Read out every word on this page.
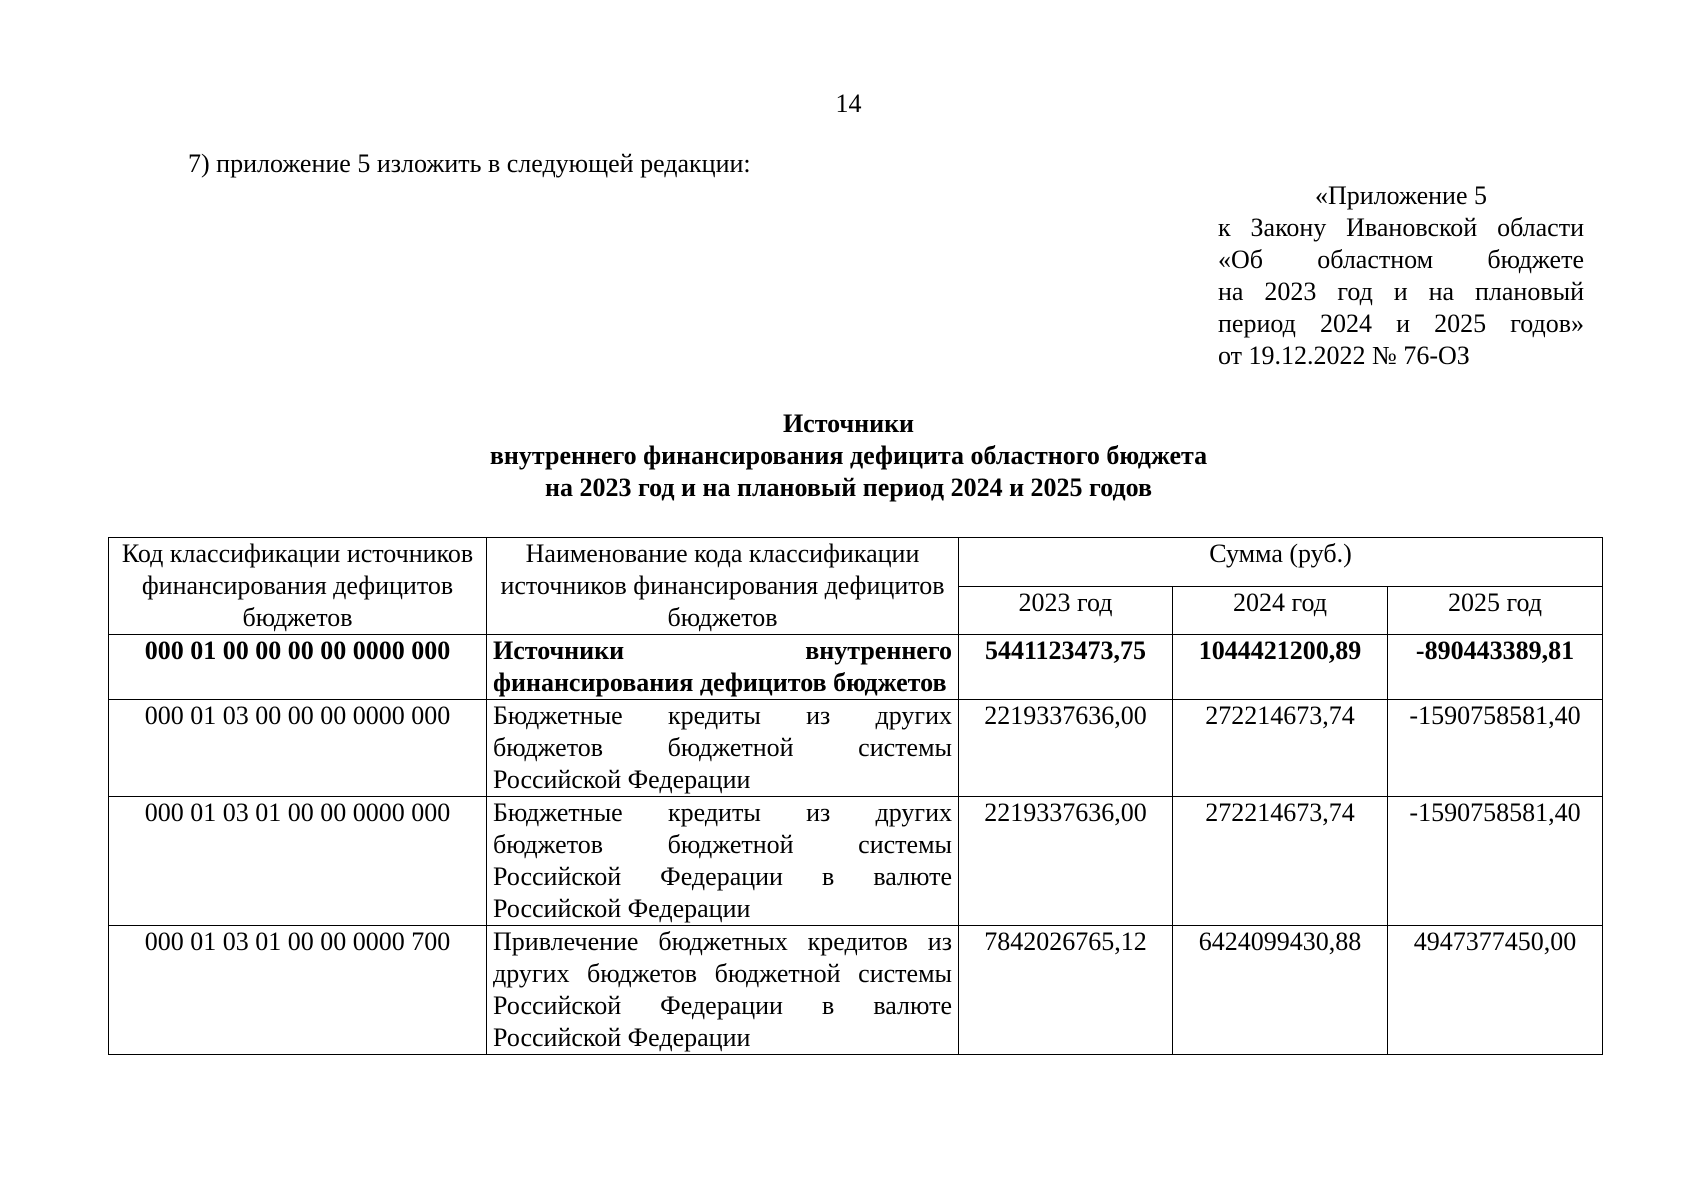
14
7) приложение 5 изложить в следующей редакции:
«Приложение 5
к Закону Ивановской области
«Об областном бюджете
на 2023 год и на плановый
период 2024 и 2025 годов»
от 19.12.2022 № 76-ОЗ
Источники
внутреннего финансирования дефицита областного бюджета
на 2023 год и на плановый период 2024 и 2025 годов
Код классификации источников финансирования дефицитов бюджетов	Наименование кода классификации источников финансирования дефицитов бюджетов	Сумма (руб.)		
		2023 год	2024 год	2025 год
000 01 00 00 00 00 0000 000	Источники внутреннего финансирования дефицитов бюджетов	5441123473,75	1044421200,89	-890443389,81
000 01 03 00 00 00 0000 000	Бюджетные кредиты из других бюджетов бюджетной системы Российской Федерации	2219337636,00	272214673,74	-1590758581,40
000 01 03 01 00 00 0000 000	Бюджетные кредиты из других бюджетов бюджетной системы Российской Федерации в валюте Российской Федерации	2219337636,00	272214673,74	-1590758581,40
000 01 03 01 00 00 0000 700	Привлечение бюджетных кредитов из других бюджетов бюджетной системы Российской Федерации в валюте Российской Федерации	7842026765,12	6424099430,88	4947377450,00
